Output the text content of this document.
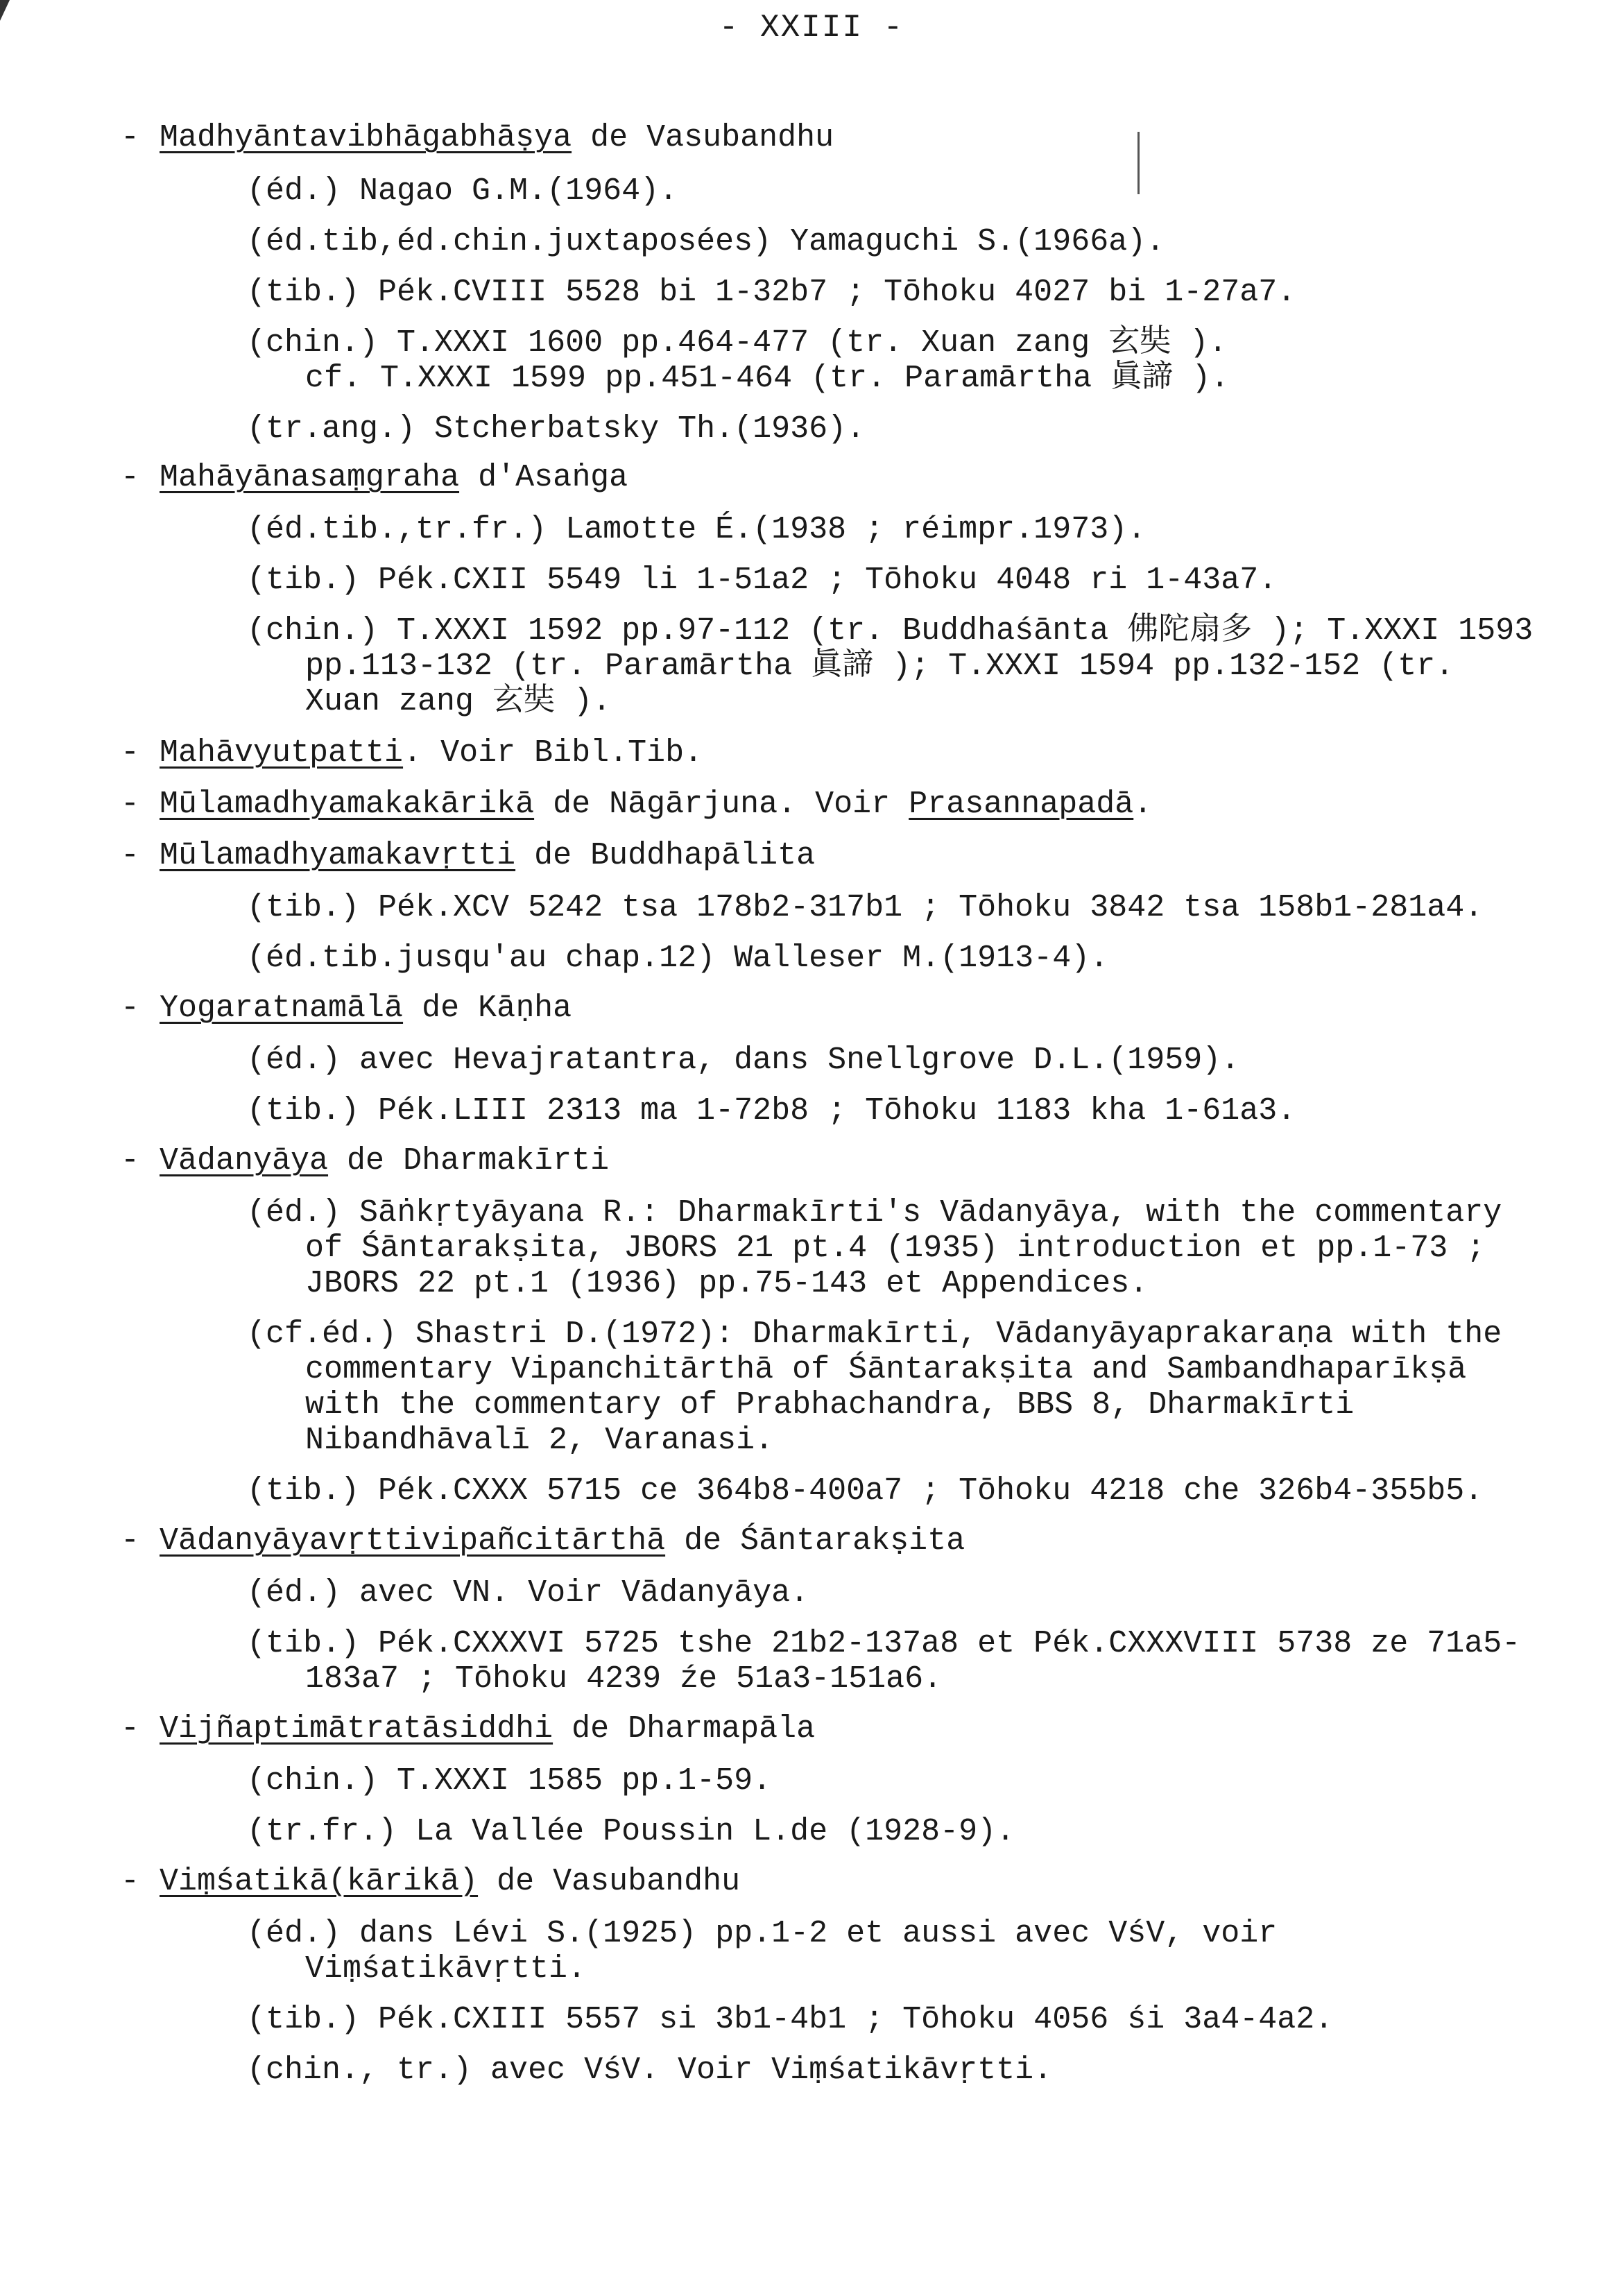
- XXIII -
- Madhyāntavibhāgabhāṣya de Vasubandhu
(éd.) Nagao G.M.(1964).
(éd.tib,éd.chin.juxtaposées) Yamaguchi S.(1966a).
(tib.) Pék.CVIII 5528 bi 1-32b7 ; Tōhoku 4027 bi 1-27a7.
(chin.) T.XXXI 1600 pp.464-477 (tr. Xuan zang 玄奘 ).
cf. T.XXXI 1599 pp.451-464 (tr. Paramārtha 眞諦 ).
(tr.ang.) Stcherbatsky Th.(1936).
- Mahāyānasaṃgraha d'Asaṅga
(éd.tib.,tr.fr.) Lamotte É.(1938 ; réimpr.1973).
(tib.) Pék.CXII 5549 li 1-51a2 ; Tōhoku 4048 ri 1-43a7.
(chin.) T.XXXI 1592 pp.97-112 (tr. Buddhaśānta 佛陀扇多 ); T.XXXI 1593 pp.113-132 (tr. Paramārtha 眞諦 ); T.XXXI 1594 pp.132-152 (tr. Xuan zang 玄奘 ).
- Mahāvyutpatti. Voir Bibl.Tib.
- Mūlamadhyamakakārikā de Nāgārjuna. Voir Prasannapadā.
- Mūlamadhyamakavṛtti de Buddhapālita
(tib.) Pék.XCV 5242 tsa 178b2-317b1 ; Tōhoku 3842 tsa 158b1-281a4.
(éd.tib.jusqu'au chap.12) Walleser M.(1913-4).
- Yogaratnamālā de Kāṇha
(éd.) avec Hevajratantra, dans Snellgrove D.L.(1959).
(tib.) Pék.LIII 2313 ma 1-72b8 ; Tōhoku 1183 kha 1-61a3.
- Vādanyāya de Dharmakīrti
(éd.) Sāṅkṛtyāyana R.: Dharmakīrti's Vādanyāya, with the commentary of Śāntarakṣita, JBORS 21 pt.4 (1935) introduction et pp.1-73 ; JBORS 22 pt.1 (1936) pp.75-143 et Appendices.
(cf.éd.) Shastri D.(1972): Dharmakīrti, Vādanyāyaprakaraṇa with the commentary Vipanchitārthā of Śāntarakṣita and Sambandhaparīkṣā with the commentary of Prabhachandra, BBS 8, Dharmakīrti Nibandhāvalī 2, Varanasi.
(tib.) Pék.CXXX 5715 ce 364b8-400a7 ; Tōhoku 4218 che 326b4-355b5.
- Vādanyāyavṛttivipañcitārthā de Śāntarakṣita
(éd.) avec VN. Voir Vādanyāya.
(tib.) Pék.CXXXVI 5725 tshe 21b2-137a8 et Pék.CXXXVIII 5738 ze 71a5-183a7 ; Tōhoku 4239 źe 51a3-151a6.
- Vijñaptimātratāsiddhi de Dharmapāla
(chin.) T.XXXI 1585 pp.1-59.
(tr.fr.) La Vallée Poussin L.de (1928-9).
- Viṃśatikā(kārikā) de Vasubandhu
(éd.) dans Lévi S.(1925) pp.1-2 et aussi avec VśV, voir Viṃśatikāvṛtti.
(tib.) Pék.CXIII 5557 si 3b1-4b1 ; Tōhoku 4056 śi 3a4-4a2.
(chin., tr.) avec VśV. Voir Viṃśatikāvṛtti.
